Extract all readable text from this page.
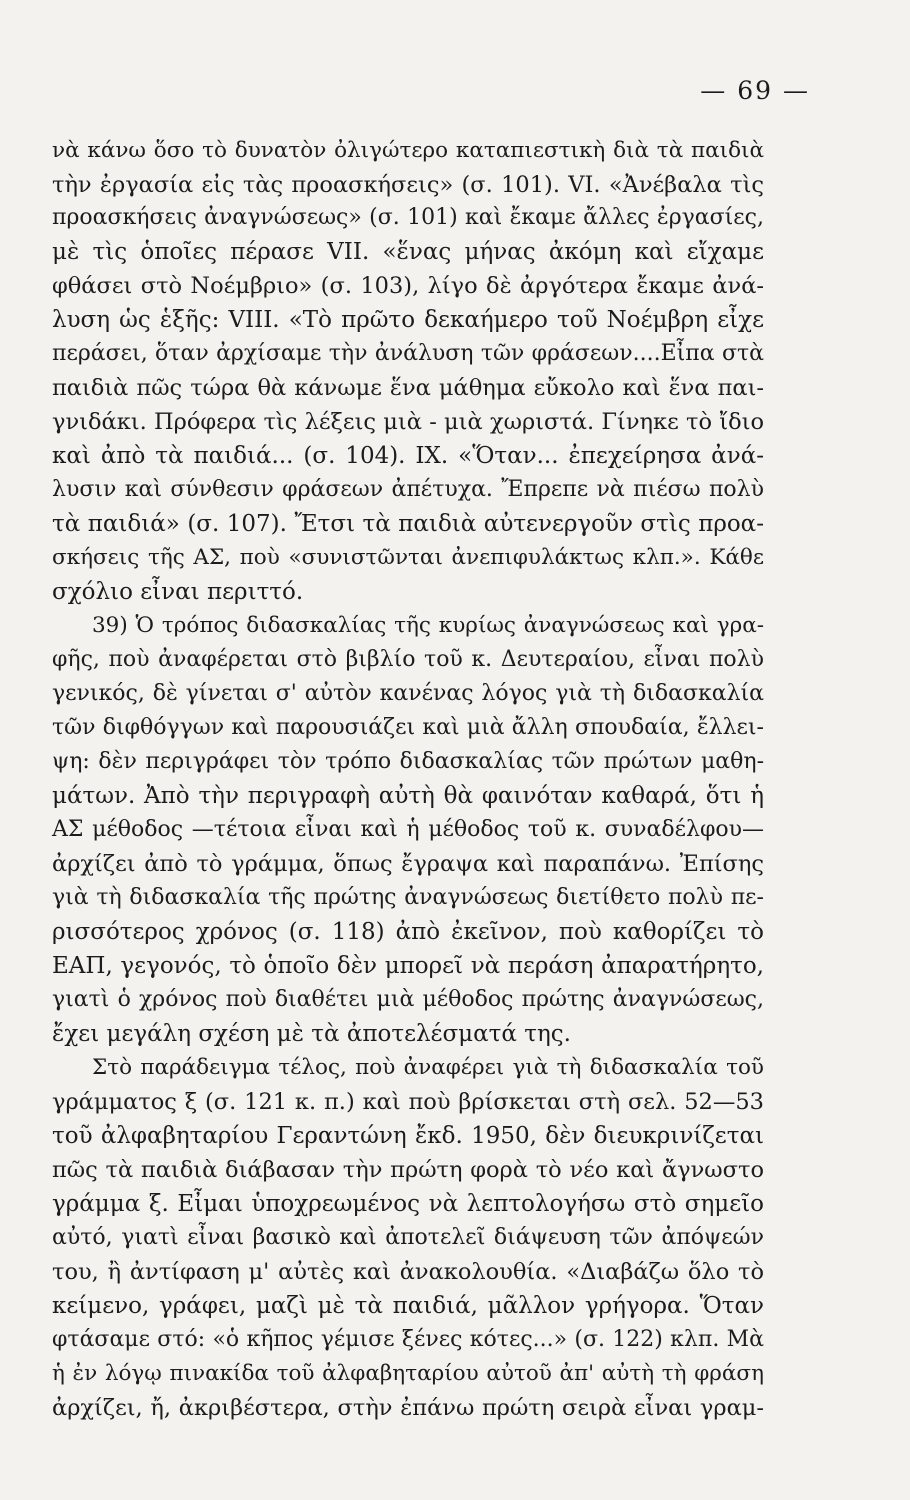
— 69 —
νὰ κάνω ὅσο τὸ δυνατὸν ὀλιγώτερο καταπιεστικὴ διὰ τὰ παιδιὰ
τὴν ἐργασία εἰς τὰς προασκήσεις» (σ. 101). VI. «Ἀνέβαλα τὶς
προασκήσεις ἀναγνώσεως» (σ. 101) καὶ ἔκαμε ἄλλες ἐργασίες,
μὲ τὶς ὁποῖες πέρασε VII. «ἕνας μήνας ἀκόμη καὶ εἴχαμε
φθάσει στὸ Νοέμβριο» (σ. 103), λίγο δὲ ἀργότερα ἔκαμε ἀνά-
λυση ὡς ἑξῆς: VIII. «Τὸ πρῶτο δεκαήμερο τοῦ Νοέμβρη εἶχε
περάσει, ὅταν ἀρχίσαμε τὴν ἀνάλυση τῶν φράσεων....Εἶπα στὰ
παιδιὰ πῶς τώρα θὰ κάνωμε ἕνα μάθημα εὔκολο καὶ ἕνα παι-
γνιδάκι. Πρόφερα τὶς λέξεις μιὰ - μιὰ χωριστά. Γίνηκε τὸ ἴδιο
καὶ ἀπὸ τὰ παιδιά... (σ. 104). IX. «Ὅταν... ἐπεχείρησα ἀνά-
λυσιν καὶ σύνθεσιν φράσεων ἀπέτυχα. Ἔπρεπε νὰ πιέσω πολὺ
τὰ παιδιά» (σ. 107). Ἔτσι τὰ παιδιὰ αὐτενεργοῦν στὶς προα-
σκήσεις τῆς ΑΣ, ποὺ «συνιστῶνται ἀνεπιφυλάκτως κλπ.». Κάθε
σχόλιο εἶναι περιττό.
39) Ὁ τρόπος διδασκαλίας τῆς κυρίως ἀναγνώσεως καὶ γρα-
φῆς, ποὺ ἀναφέρεται στὸ βιβλίο τοῦ κ. Δευτεραίου, εἶναι πολὺ
γενικός, δὲ γίνεται σ' αὐτὸν κανένας λόγος γιὰ τὴ διδασκαλία
τῶν διφθόγγων καὶ παρουσιάζει καὶ μιὰ ἄλλη σπουδαία, ἔλλει-
ψη: δὲν περιγράφει τὸν τρόπο διδασκαλίας τῶν πρώτων μαθη-
μάτων. Ἀπὸ τὴν περιγραφὴ αὐτὴ θὰ φαινόταν καθαρά, ὅτι ἡ
ΑΣ μέθοδος —τέτοια εἶναι καὶ ἡ μέθοδος τοῦ κ. συναδέλφου—
ἀρχίζει ἀπὸ τὸ γράμμα, ὅπως ἔγραψα καὶ παραπάνω. Ἐπίσης
γιὰ τὴ διδασκαλία τῆς πρώτης ἀναγνώσεως διετίθετο πολὺ πε-
ρισσότερος χρόνος (σ. 118) ἀπὸ ἐκεῖνον, ποὺ καθορίζει τὸ
ΕΑΠ, γεγονός, τὸ ὁποῖο δὲν μπορεῖ νὰ περάση ἀπαρατήρητο,
γιατὶ ὁ χρόνος ποὺ διαθέτει μιὰ μέθοδος πρώτης ἀναγνώσεως,
ἔχει μεγάλη σχέση μὲ τὰ ἀποτελέσματά της.
Στὸ παράδειγμα τέλος, ποὺ ἀναφέρει γιὰ τὴ διδασκαλία τοῦ
γράμματος ξ (σ. 121 κ. π.) καὶ ποὺ βρίσκεται στὴ σελ. 52—53
τοῦ ἀλφαβηταρίου Γεραντώνη ἔκδ. 1950, δὲν διευκρινίζεται
πῶς τὰ παιδιὰ διάβασαν τὴν πρώτη φορὰ τὸ νέο καὶ ἄγνωστο
γράμμα ξ. Εἶμαι ὑποχρεωμένος νὰ λεπτολογήσω στὸ σημεῖο
αὐτό, γιατὶ εἶναι βασικὸ καὶ ἀποτελεῖ διάψευση τῶν ἀπόψεών
του, ἢ ἀντίφαση μ' αὐτὲς καὶ ἀνακολουθία. «Διαβάζω ὅλο τὸ
κείμενο, γράφει, μαζὶ μὲ τὰ παιδιά, μᾶλλον γρήγορα. Ὅταν
φτάσαμε στό: «ὁ κῆπος γέμισε ξένες κότες...» (σ. 122) κλπ. Μὰ
ἡ ἐν λόγῳ πινακίδα τοῦ ἀλφαβηταρίου αὐτοῦ ἀπ' αὐτὴ τὴ φράση
ἀρχίζει, ἤ, ἀκριβέστερα, στὴν ἐπάνω πρώτη σειρὰ εἶναι γραμ-
